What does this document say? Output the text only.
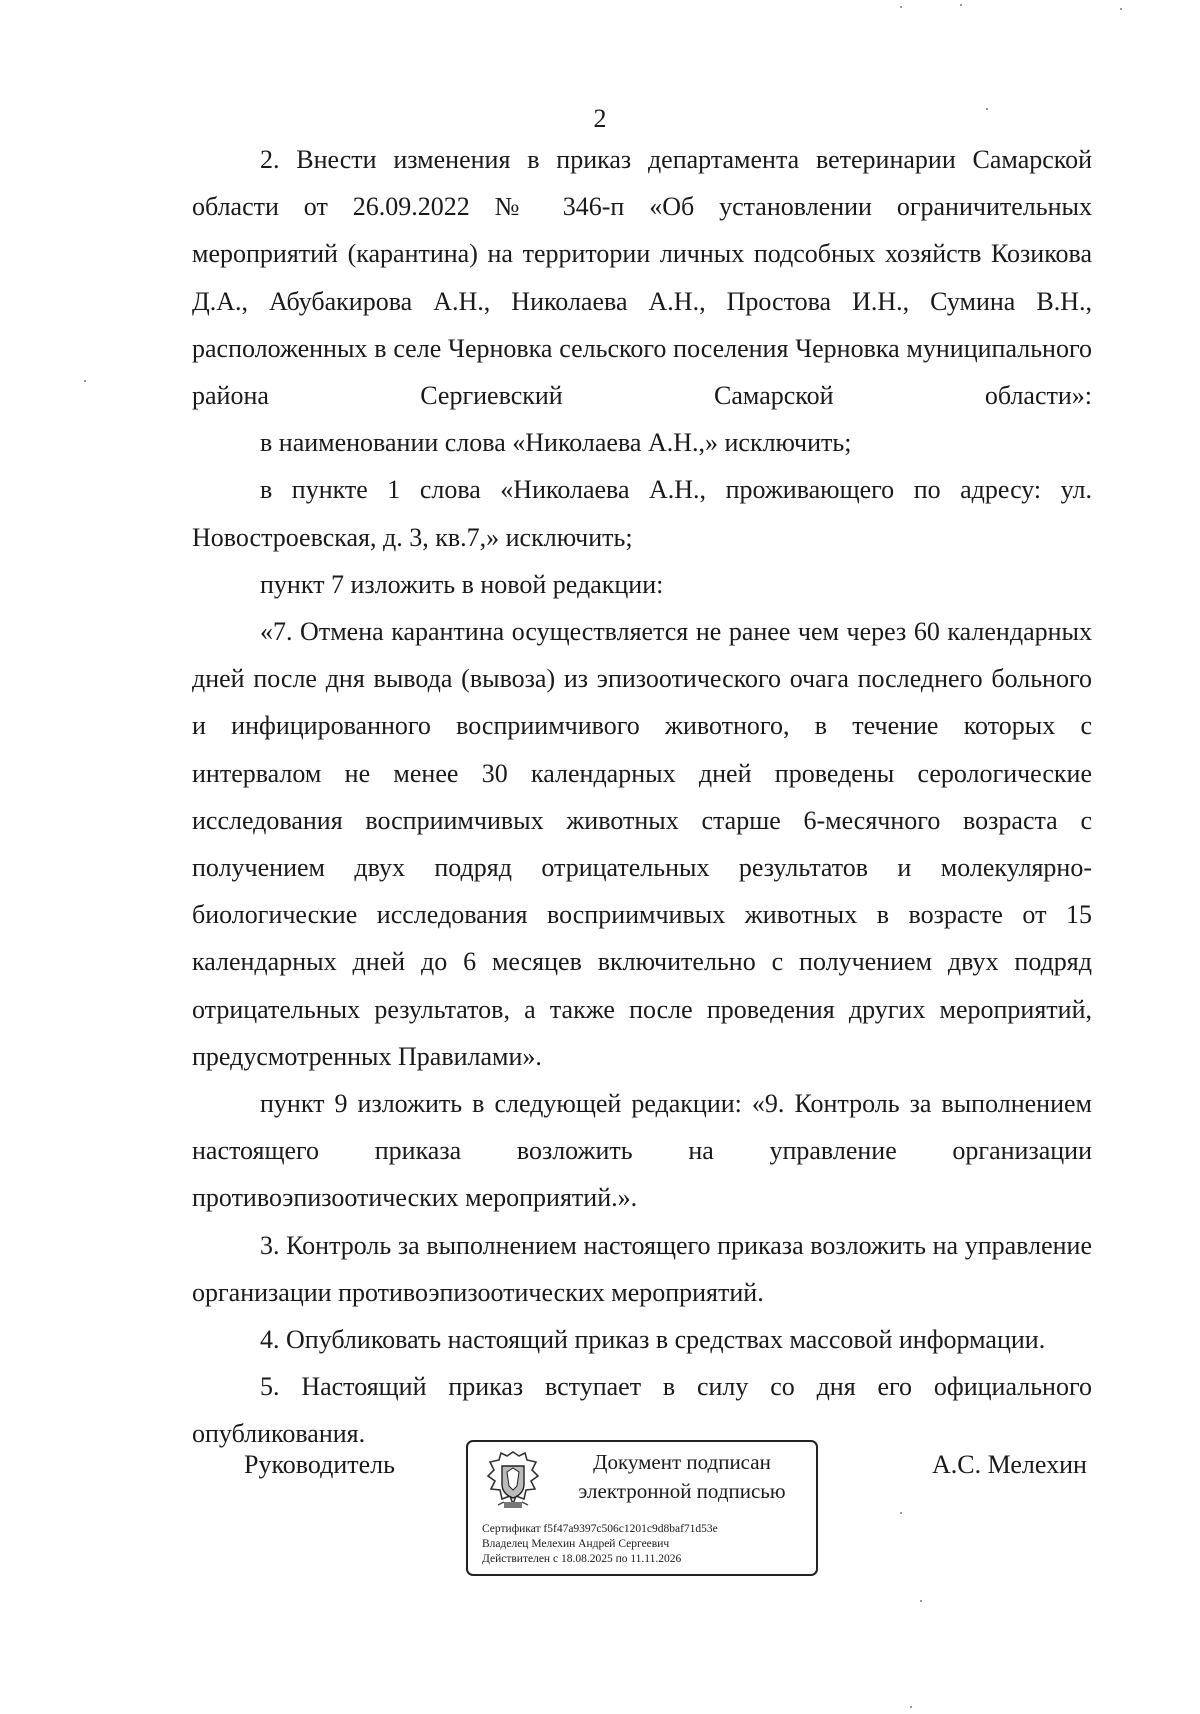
2

2. Внести изменения в приказ департамента ветеринарии Самарской области от 26.09.2022 № 346-п «Об установлении ограничительных мероприятий (карантина) на территории личных подсобных хозяйств Козикова Д.А., Абубакирова А.Н., Николаева А.Н., Простова И.Н., Сумина В.Н., расположенных в селе Черновка сельского поселения Черновка муниципального района Сергиевский Самарской области»:

в наименовании слова «Николаева А.Н.,» исключить;

в пункте 1 слова «Николаева А.Н., проживающего по адресу: ул. Новостроевская, д. 3, кв.7,» исключить;

пункт 7 изложить в новой редакции:

«7. Отмена карантина осуществляется не ранее чем через 60 календарных дней после дня вывода (вывоза) из эпизоотического очага последнего больного и инфицированного восприимчивого животного, в течение которых с интервалом не менее 30 календарных дней проведены серологические исследования восприимчивых животных старше 6-месячного возраста с получением двух подряд отрицательных результатов и молекулярно-биологические исследования восприимчивых животных в возрасте от 15 календарных дней до 6 месяцев включительно с получением двух подряд отрицательных результатов, а также после проведения других мероприятий, предусмотренных Правилами».

пункт 9 изложить в следующей редакции: «9. Контроль за выполнением настоящего приказа возложить на управление организации противоэпизоотических мероприятий.».

3. Контроль за выполнением настоящего приказа возложить на управление организации противоэпизоотических мероприятий.

4. Опубликовать настоящий приказ в средствах массовой информации.

5. Настоящий приказ вступает в силу со дня его официального опубликования.

Руководитель	Документ подписан
электронной подписью
Сертификат f5f47a9397c506c1201c9d8baf71d53e
Владелец Мелехин Андрей Сергеевич
Действителен с 18.08.2025 по 11.11.2026
А.С. Мелехин
